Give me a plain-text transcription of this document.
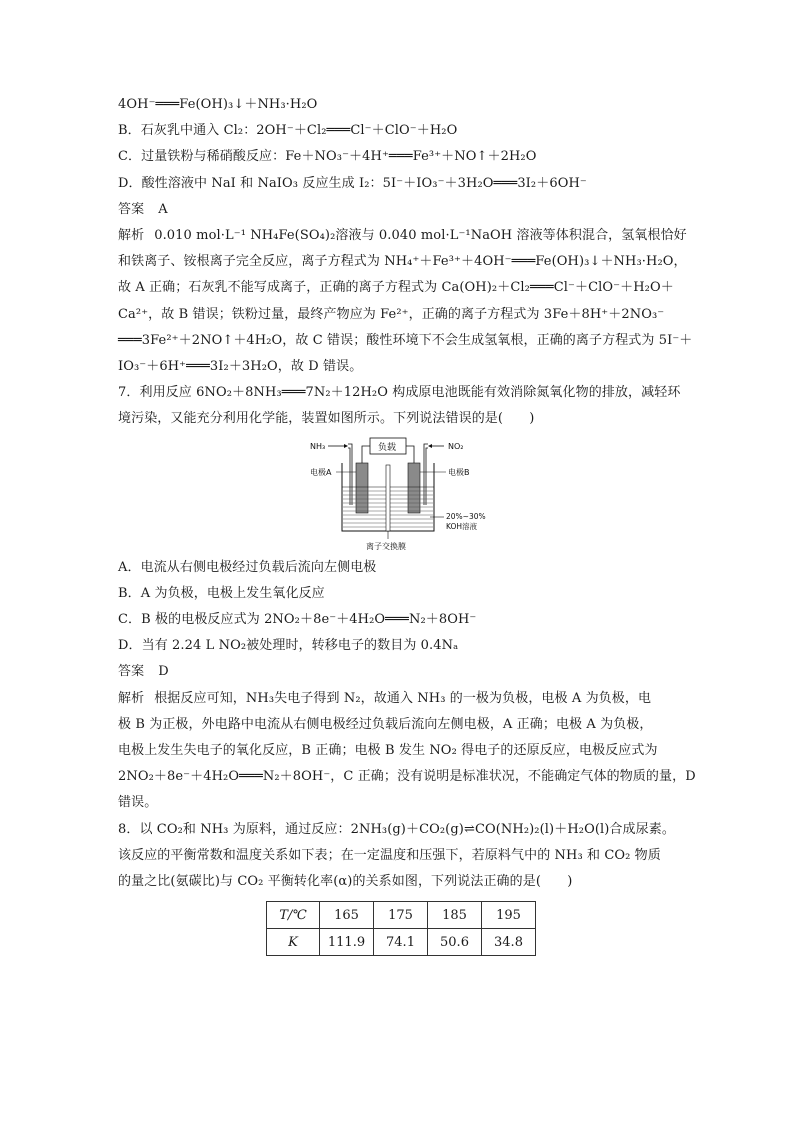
4OH⁻═══Fe(OH)₃↓＋NH₃·H₂O
B．石灰乳中通入 Cl₂：2OH⁻＋Cl₂═══Cl⁻＋ClO⁻＋H₂O
C．过量铁粉与稀硝酸反应：Fe＋NO₃⁻＋4H⁺═══Fe³⁺＋NO↑＋2H₂O
D．酸性溶液中 NaI 和 NaIO₃ 反应生成 I₂：5I⁻＋IO₃⁻＋3H₂O═══3I₂＋6OH⁻
答案 A
解析 0.010 mol·L⁻¹ NH₄Fe(SO₄)₂溶液与 0.040 mol·L⁻¹NaOH 溶液等体积混合，氢氧根恰好
和铁离子、铵根离子完全反应，离子方程式为 NH₄⁺＋Fe³⁺＋4OH⁻═══Fe(OH)₃↓＋NH₃·H₂O，
故 A 正确；石灰乳不能写成离子，正确的离子方程式为 Ca(OH)₂＋Cl₂═══Cl⁻＋ClO⁻＋H₂O＋
Ca²⁺，故 B 错误；铁粉过量，最终产物应为 Fe²⁺，正确的离子方程式为 3Fe＋8H⁺＋2NO₃⁻
═══3Fe²⁺＋2NO↑＋4H₂O，故 C 错误；酸性环境下不会生成氢氧根，正确的离子方程式为 5I⁻＋
IO₃⁻＋6H⁺═══3I₂＋3H₂O，故 D 错误。
7．利用反应 6NO₂＋8NH₃═══7N₂＋12H₂O 构成原电池既能有效消除氮氧化物的排放，减轻环
境污染，又能充分利用化学能，装置如图所示。下列说法错误的是(　　)
NH₃	负载	NO₂
电极A	电极B
20%~30%
KOH溶液
离子交换膜
A．电流从右侧电极经过负载后流向左侧电极
B．A 为负极，电极上发生氧化反应
C．B 极的电极反应式为 2NO₂＋8e⁻＋4H₂O═══N₂＋8OH⁻
D．当有 2.24 L NO₂被处理时，转移电子的数目为 0.4Nₐ
答案 D
解析 根据反应可知，NH₃失电子得到 N₂，故通入 NH₃ 的一极为负极，电极 A 为负极，电
极 B 为正极，外电路中电流从右侧电极经过负载后流向左侧电极，A 正确；电极 A 为负极，
电极上发生失电子的氧化反应，B 正确；电极 B 发生 NO₂ 得电子的还原反应，电极反应式为
2NO₂＋8e⁻＋4H₂O═══N₂＋8OH⁻，C 正确；没有说明是标准状况，不能确定气体的物质的量，D
错误。
8．以 CO₂和 NH₃ 为原料，通过反应：2NH₃(g)＋CO₂(g)⇌CO(NH₂)₂(l)＋H₂O(l)合成尿素。
该反应的平衡常数和温度关系如下表；在一定温度和压强下，若原料气中的 NH₃ 和 CO₂ 物质
的量之比(氨碳比)与 CO₂ 平衡转化率(α)的关系如图，下列说法正确的是(　　)
T/℃	165	175	185	195
K	111.9	74.1	50.6	34.8
